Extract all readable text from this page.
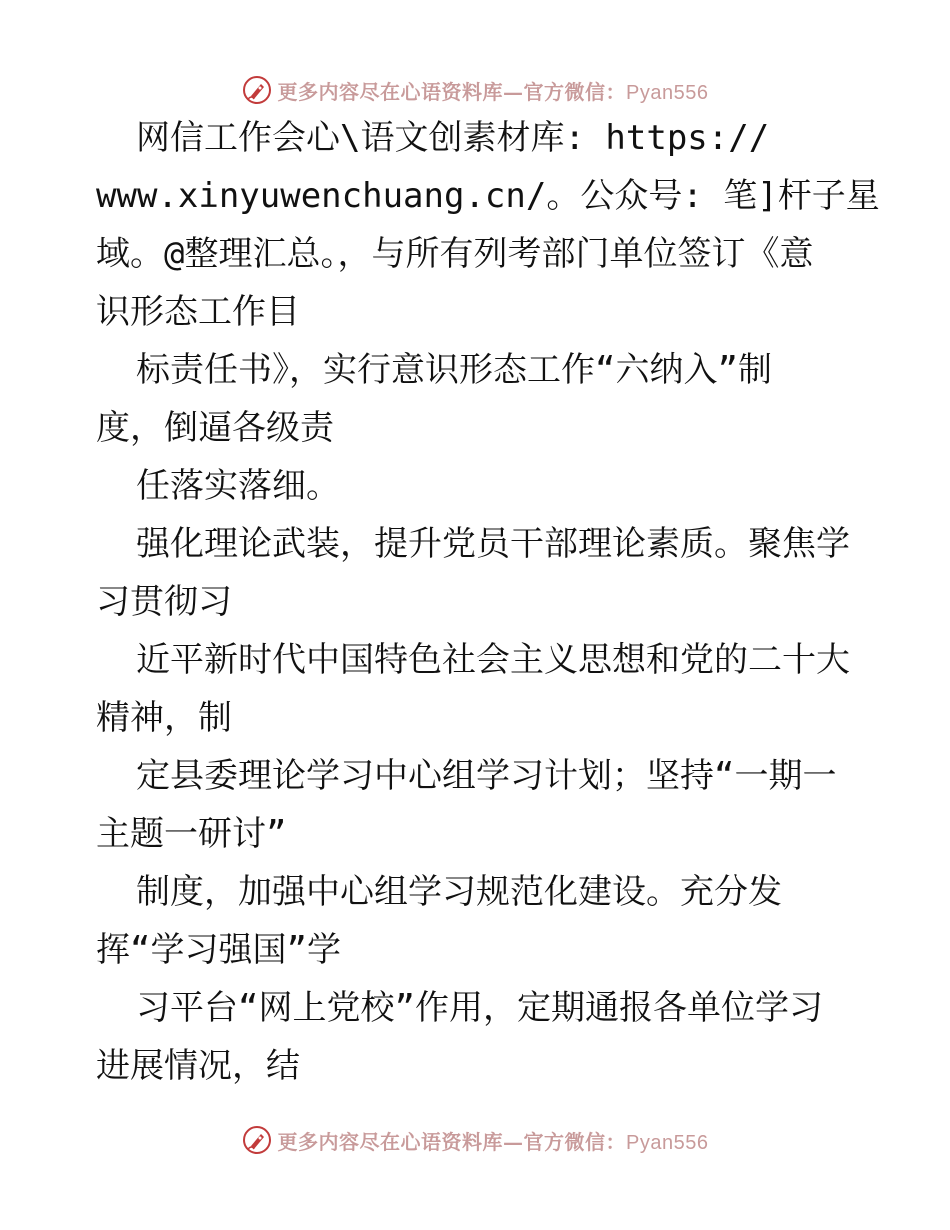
更多内容尽在心语资料库—官方微信：Pyan556
网信工作会心\语文创素材库: https://
www.xinyuwenchuang.cn/。公众号: 笔]杆子星
域。@整理汇总。，与所有列考部门单位签订《意
识形态工作目
标责任书》，实行意识形态工作“六纳入”制
度，倒逼各级责
任落实落细。
强化理论武装，提升党员干部理论素质。聚焦学
习贯彻习
近平新时代中国特色社会主义思想和党的二十大
精神，制
定县委理论学习中心组学习计划；坚持“一期一
主题一研讨”
制度，加强中心组学习规范化建设。充分发
挥“学习强国”学
习平台“网上党校”作用，定期通报各单位学习
进展情况，结
更多内容尽在心语资料库—官方微信：Pyan556
